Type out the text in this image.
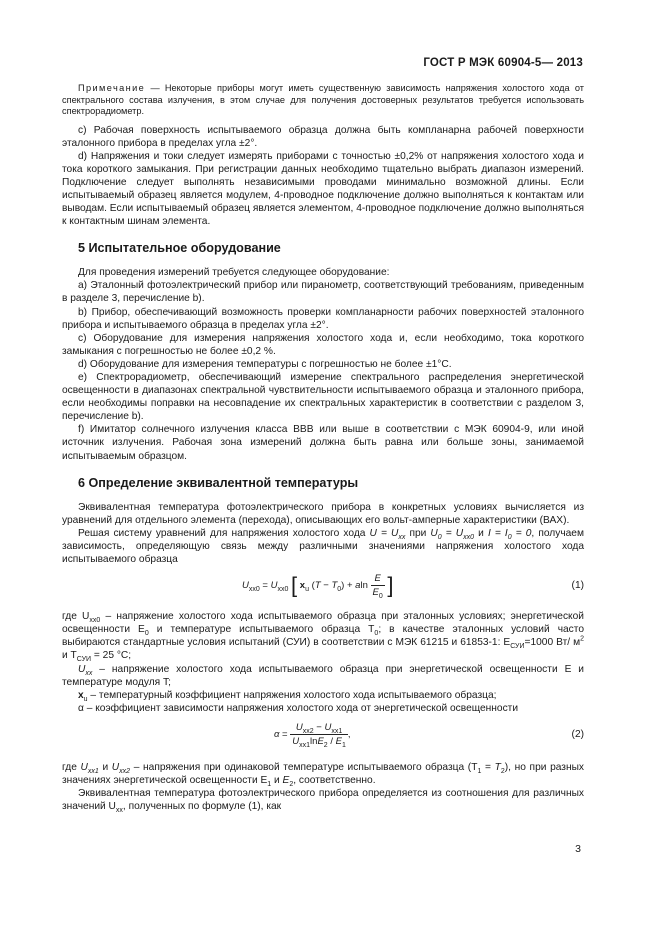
ГОСТ Р МЭК 60904-5— 2013

Примечание — Некоторые приборы могут иметь существенную зависимость напряжения холостого хода от спектрального состава излучения, в этом случае для получения достоверных результатов требуется использовать спектрорадиометр.

c) Рабочая поверхность испытываемого образца должна быть компланарна рабочей поверхности эталонного прибора в пределах угла ±2°.

d) Напряжения и токи следует измерять приборами с точностью ±0,2% от напряжения холостого хода и тока короткого замыкания. При регистрации данных необходимо тщательно выбрать диапазон измерений. Подключение следует выполнять независимыми проводами минимально возможной длины. Если испытываемый образец является модулем, 4-проводное подключение должно выполняться к контактам или выводам. Если испытываемый образец является элементом, 4-проводное подключение должно выполняться к контактным шинам элемента.

5 Испытательное оборудование

Для проведения измерений требуется следующее оборудование:

a) Эталонный фотоэлектрический прибор или пиранометр, соответствующий требованиям, приведенным в разделе 3, перечисление b).

b) Прибор, обеспечивающий возможность проверки компланарности рабочих поверхностей эталонного прибора и испытываемого образца в пределах угла ±2°.

c) Оборудование для измерения напряжения холостого хода и, если необходимо, тока короткого замыкания с погрешностью не более ±0,2 %.

d) Оборудование для измерения температуры с погрешностью не более ±1°C.

e) Спектрорадиометр, обеспечивающий измерение спектрального распределения энергетической освещенности в диапазонах спектральной чувствительности испытываемого образца и эталонного прибора, если необходимы поправки на несовпадение их спектральных характеристик в соответствии с разделом 3, перечисление b).

f) Имитатор солнечного излучения класса BBB или выше в соответствии с МЭК 60904-9, или иной источник излучения. Рабочая зона измерений должна быть равна или больше зоны, занимаемой испытываемым образцом.

6 Определение эквивалентной температуры

Эквивалентная температура фотоэлектрического прибора в конкретных условиях вычисляется из уравнений для отдельного элемента (перехода), описывающих его вольт-амперные характеристики (ВАХ).

Решая систему уравнений для напряжения холостого хода $U = U_{xx}$ при $U_0 = U_{xx0}$ и $I = I_0 = 0$, получаем зависимость, определяющую связь между различными значениями напряжения холостого хода испытываемого образца

$U_{xx0} = U_{xx0}$ [ $x_u$ $(T - T_0) + aln \frac{E}{E_0}$ ]	(1)

где $U_{xx0}$ – напряжение холостого хода испытываемого образца при эталонных условиях; энергетической освещенности $E_0$ и температуре испытываемого образца $T_0$; в качестве эталонных условий часто выбираются стандартные условия испытаний (СУИ) в соответствии с МЭК 61215 и 61853-1: $E_{СУИ}=1000$ Вт/ $м^2$ и $T_{СУИ} = 25$ °C;

$U_{xx}$ – напряжение холостого хода испытываемого образца при энергетической освещенности E и температуре модуля T;

$x_u$ – температурный коэффициент напряжения холостого хода испытываемого образца;

α – коэффициент зависимости напряжения холостого хода от энергетической освещенности

$\alpha = \frac{U_{xx2} - U_{xx1}}{U_{xx1}\ln E_2 / E_1}$ ,	(2)

где $U_{xx1}$ и $U_{xx2}$ – напряжения при одинаковой температуре испытываемого образца $(T_1 = T_2)$, но при разных значениях энергетической освещенности $E_1$ и $E_2$, соответственно.

Эквивалентная температура фотоэлектрического прибора определяется из соотношения для различных значений $U_{xx}$, полученных по формуле (1), как

3
